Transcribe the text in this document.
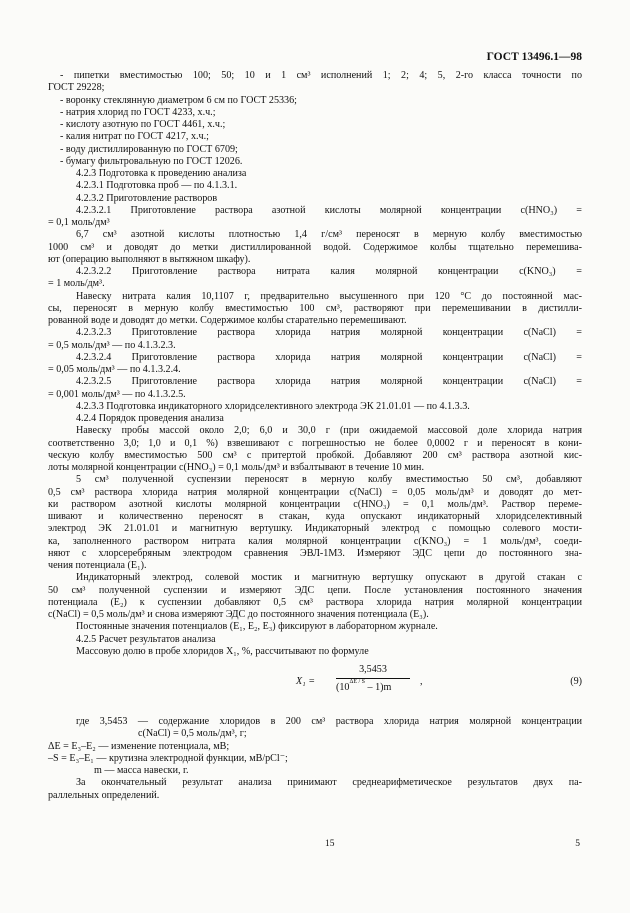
ГОСТ 13496.1—98

- пипетки вместимостью 100; 50; 10 и 1 см³ исполнений 1; 2; 4; 5, 2-го класса точности по

ГОСТ 29228;

- воронку стеклянную диаметром 6 см по ГОСТ 25336;

- натрия хлорид по ГОСТ 4233, х.ч.;

- кислоту азотную по ГОСТ 4461, х.ч.;

- калия нитрат по ГОСТ 4217, х.ч.;

- воду дистиллированную по ГОСТ 6709;

- бумагу фильтровальную по ГОСТ 12026.

4.2.3 Подготовка к проведению анализа

4.2.3.1 Подготовка проб — по 4.1.3.1.

4.2.3.2 Приготовление растворов

4.2.3.2.1 Приготовление раствора азотной кислоты молярной концентрации c(HNO₃) =

= 0,1 моль/дм³

6,7 см³ азотной кислоты плотностью 1,4 г/см³ переносят в мерную колбу вместимостью

1000 см³ и доводят до метки дистиллированной водой. Содержимое колбы тщательно перемешива-

ют (операцию выполняют в вытяжном шкафу).

4.2.3.2.2 Приготовление раствора нитрата калия молярной концентрации c(KNO₃) =

= 1 моль/дм³.

Навеску нитрата калия 10,1107 г, предварительно высушенного при 120 °С до постоянной мас-

сы, переносят в мерную колбу вместимостью 100 см³, растворяют при перемешивании в дистилли-

рованной воде и доводят до метки. Содержимое колбы старательно перемешивают.

4.2.3.2.3 Приготовление раствора хлорида натрия молярной концентрации c(NaCl) =

= 0,5 моль/дм³ — по 4.1.3.2.3.

4.2.3.2.4 Приготовление раствора хлорида натрия молярной концентрации c(NaCl) =

= 0,05 моль/дм³ — по 4.1.3.2.4.

4.2.3.2.5 Приготовление раствора хлорида натрия молярной концентрации c(NaCl) =

= 0,001 моль/дм³ — по 4.1.3.2.5.

4.2.3.3 Подготовка индикаторного хлоридселективного электрода ЭК 21.01.01 — по 4.1.3.3.

4.2.4 Порядок проведения анализа

Навеску пробы массой около 2,0; 6,0 и 30,0 г (при ожидаемой массовой доле хлорида натрия

соответственно 3,0; 1,0 и 0,1 %) взвешивают с погрешностью не более 0,0002 г и переносят в кони-

ческую колбу вместимостью 500 см³ с притертой пробкой. Добавляют 200 см³ раствора азотной кис-

лоты молярной концентрации c(HNO₃) = 0,1 моль/дм³ и взбалтывают в течение 10 мин.

5 см³ полученной суспензии переносят в мерную колбу вместимостью 50 см³, добавляют

0,5 см³ раствора хлорида натрия молярной концентрации c(NaCl) = 0,05 моль/дм³ и доводят до мет-

ки раствором азотной кислоты молярной концентрации c(HNO₃) = 0,1 моль/дм³. Раствор переме-

шивают и количественно переносят в стакан, куда опускают индикаторный хлоридселективный

электрод ЭК 21.01.01 и магнитную вертушку. Индикаторный электрод с помощью солевого мости-

ка, заполненного раствором нитрата калия молярной концентрации c(KNO₃) = 1 моль/дм³, соеди-

няют с хлорсеребряным электродом сравнения ЭВЛ-1М3. Измеряют ЭДС цепи до постоянного зна-

чения потенциала (E₁).

Индикаторный электрод, солевой мостик и магнитную вертушку опускают в другой стакан с

50 см³ полученной суспензии и измеряют ЭДС цепи. После установления постоянного значения

потенциала (E₂) к суспензии добавляют 0,5 см³ раствора хлорида натрия молярной концентрации

c(NaCl) = 0,5 моль/дм³ и снова измеряют ЭДС до постоянного значения потенциала (E₃).

Постоянные значения потенциалов (E₁, E₂, E₃) фиксируют в лабораторном журнале.

4.2.5 Расчет результатов анализа

Массовую долю в пробе хлоридов X₁, %, рассчитывают по формуле

X₁ =
3,5453
$(10^{\Delta E / S} - 1)m$
,	(9)

где 3,5453 — содержание хлоридов в 200 см³ раствора хлорида натрия молярной концентрации

c(NaCl) = 0,5 моль/дм³, г;

ΔE = E₃–E₂ — изменение потенциала, мВ;

–S = E₃–E₁ — крутизна электродной функции, мВ/pCl⁻;

m — масса навески, г.

За окончательный результат анализа принимают среднеарифметическое результатов двух па-

раллельных определений.

15	5
